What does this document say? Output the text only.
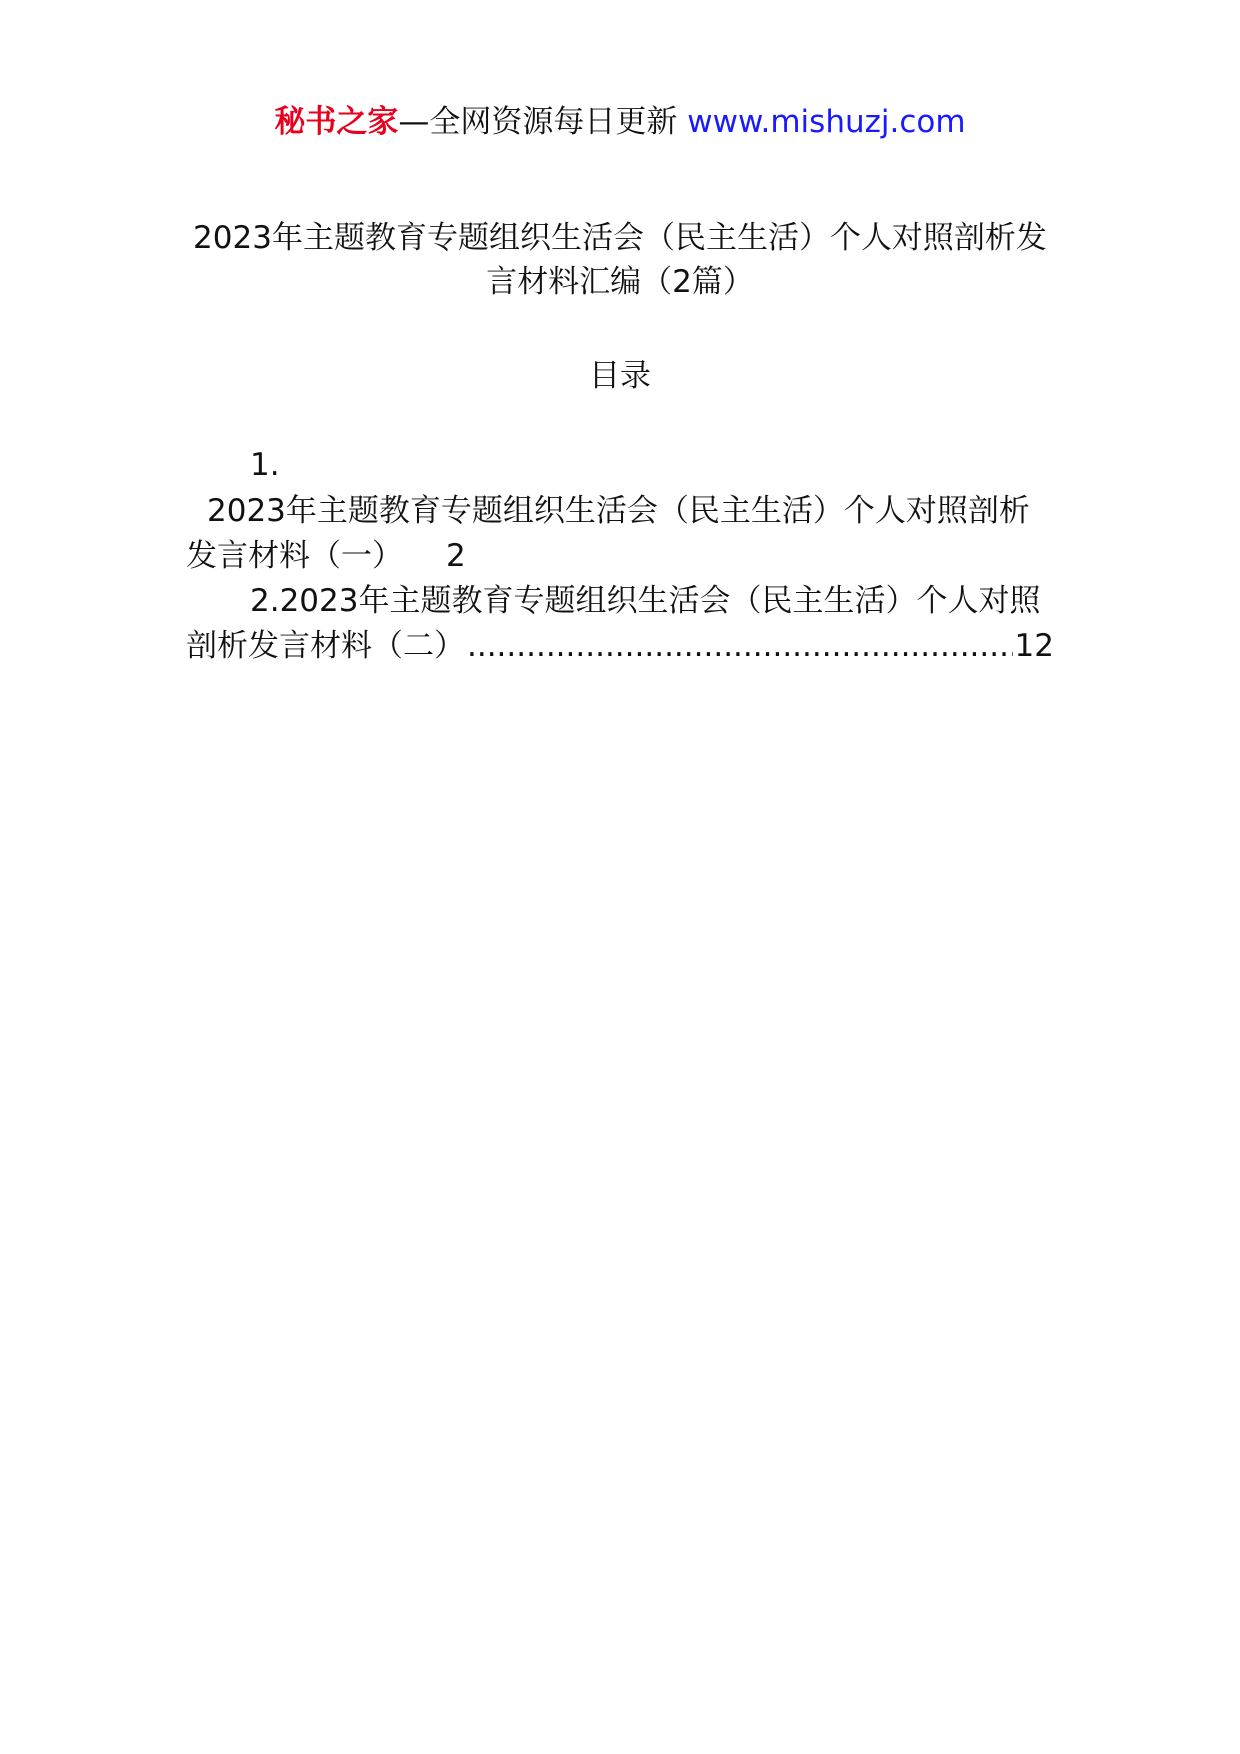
秘书之家—全网资源每日更新 www.mishuzj.com
2023年主题教育专题组织生活会（民主生活）个人对照剖析发
言材料汇编（2篇）
目录
1.
2023年主题教育专题组织生活会（民主生活）个人对照剖析
发言材料（一） 2
2.2023年主题教育专题组织生活会（民主生活）个人对照
剖析发言材料（二）
.....	12
